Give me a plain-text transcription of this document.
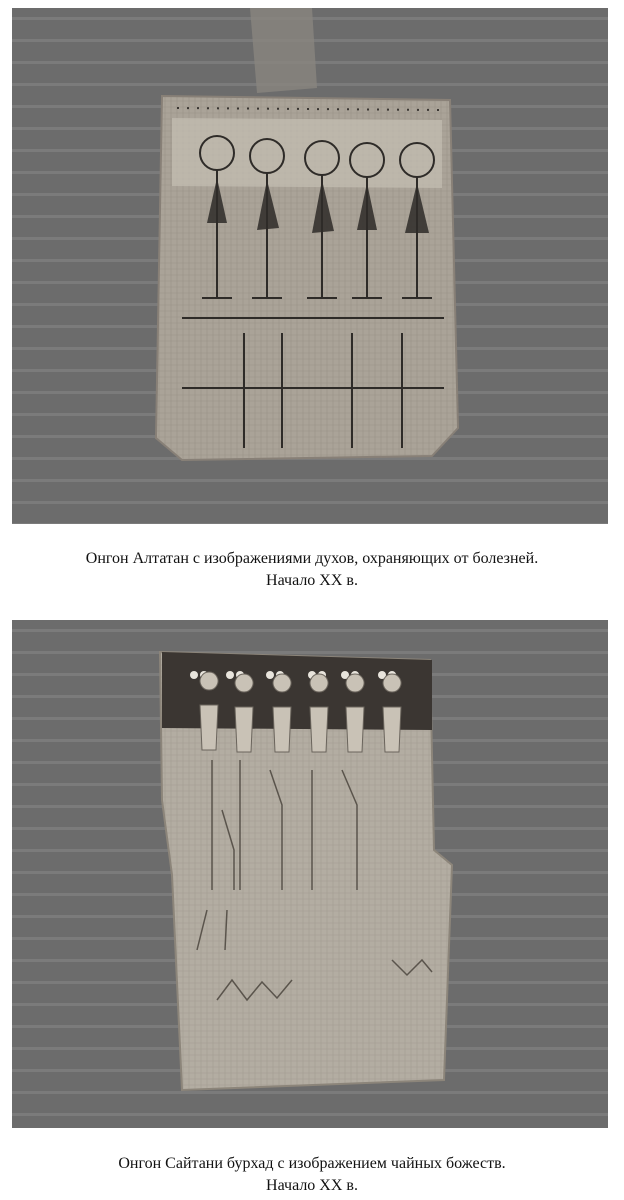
Онгон Алтатан с изображениями духов, охраняющих от болезней.
Начало XX в.
Онгон Сайтани бурхад с изображением чайных божеств.
Начало XX в.
